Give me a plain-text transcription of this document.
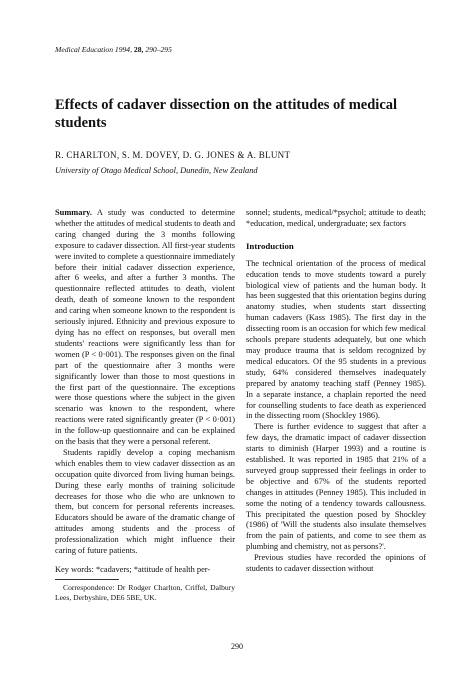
Medical Education 1994, 28, 290–295
Effects of cadaver dissection on the attitudes of medical students
R. CHARLTON, S. M. DOVEY, D. G. JONES & A. BLUNT
University of Otago Medical School, Dunedin, New Zealand

Summary. A study was conducted to determine whether the attitudes of medical students to death and caring changed during the 3 months following exposure to cadaver dissection. All first-year students were invited to complete a questionnaire immediately before their initial cadaver dissection experience, after 6 weeks, and after a further 3 months. The questionnaire reflected attitudes to death, violent death, death of someone known to the respondent and caring when someone known to the respondent is seriously injured. Ethnicity and previous exposure to dying has no effect on responses, but overall men students' reactions were significantly less than for women (P < 0·001). The responses given on the final part of the questionnaire after 3 months were significantly lower than those to most questions in the first part of the questionnaire. The exceptions were those questions where the subject in the given scenario was known to the respondent, where reactions were rated significantly greater (P < 0·001) in the follow-up questionnaire and can be explained on the basis that they were a personal referent.

Students rapidly develop a coping mechanism which enables them to view cadaver dissection as an occupation quite divorced from living human beings. During these early months of training solicitude decreases for those who die who are unknown to them, but concern for personal referents increases. Educators should be aware of the dramatic change of attitudes among students and the process of professionalization which might influence their caring of future patients.

Key words: *cadavers; *attitude of health per-

Correspondence: Dr Rodger Charlton, Criffel, Dalbury Lees, Derbyshire, DE6 5BE, UK.

sonnel; students, medical/*psychol; attitude to death; *education, medical, undergraduate; sex factors

Introduction

The technical orientation of the process of medical education tends to move students toward a purely biological view of patients and the human body. It has been suggested that this orientation begins during anatomy studies, when students start dissecting human cadavers (Kass 1985). The first day in the dissecting room is an occasion for which few medical schools prepare students adequately, but one which may produce trauma that is seldom recognized by medical educators. Of the 95 students in a previous study, 64% considered themselves inadequately prepared by anatomy teaching staff (Penney 1985). In a separate instance, a chaplain reported the need for counselling students to face death as experienced in the dissecting room (Shockley 1986).

There is further evidence to suggest that after a few days, the dramatic impact of cadaver dissection starts to diminish (Harper 1993) and a routine is established. It was reported in 1985 that 21% of a surveyed group suppressed their feelings in order to be objective and 67% of the students reported changes in attitudes (Penney 1985). This included in some the noting of a tendency towards callousness. This precipitated the question posed by Shockley (1986) of 'Will the students also insulate themselves from the pain of patients, and come to see them as plumbing and chemistry, not as persons?'.

Previous studies have recorded the opinions of students to cadaver dissection without

290
